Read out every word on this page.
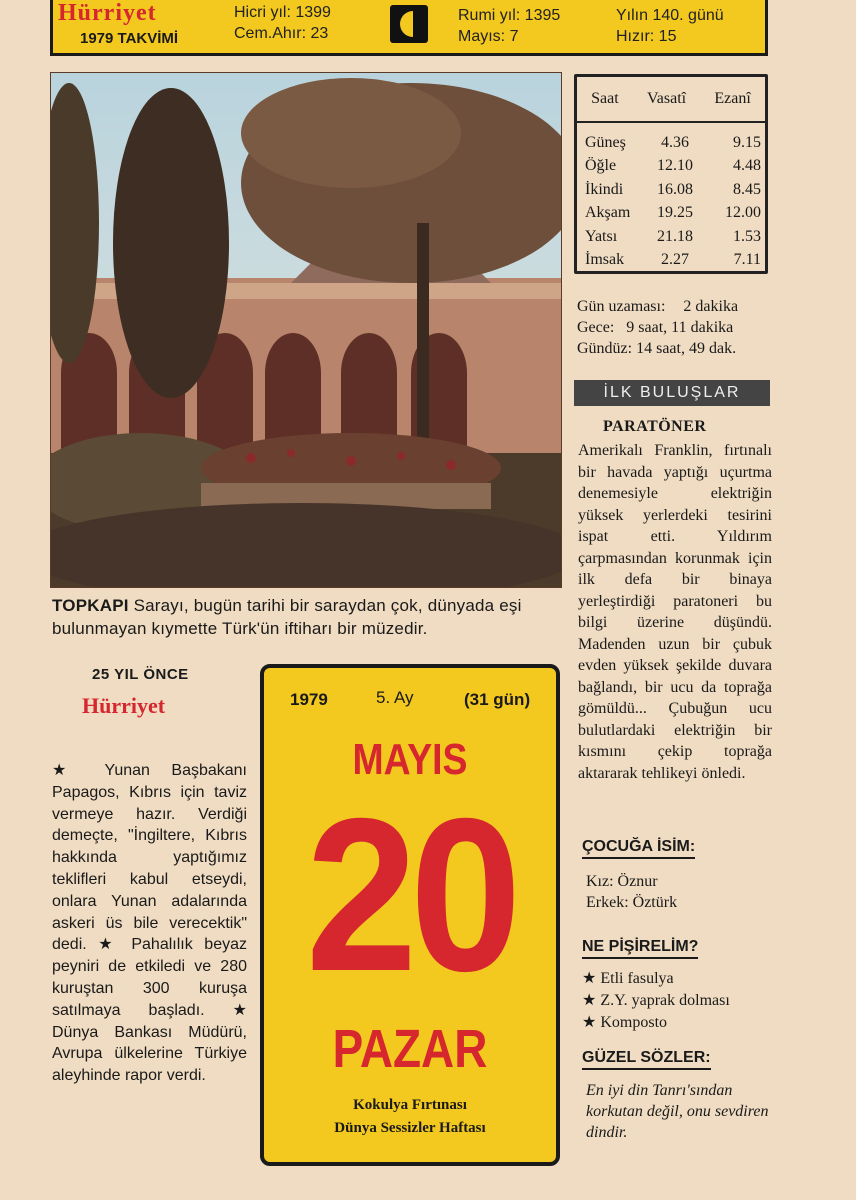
Hürriyet
1979 TAKVİMİ
Hicri yıl: 1399
Cem.Ahır: 23
Rumi yıl: 1395
Mayıs: 7
Yılın 140. günü
Hızır: 15
TOPKAPI Sarayı, bugün tarihi bir saraydan çok, dünyada eşi bulunmayan kıymette Türk'ün iftiharı bir müzedir.
Saat Vasatî Ezanî
Güneş	4.36	9.15
Öğle	12.10	4.48
İkindi	16.08	8.45
Akşam	19.25	12.00
Yatsı	21.18	1.53
İmsak	2.27	7.11
Gün uzaması: 2 dakika
Gece:   9 saat, 11 dakika
Gündüz: 14 saat, 49 dak.
İLK BULUŞLAR
PARATÖNER
Amerikalı Franklin, fırtınalı bir havada yaptığı uçurtma denemesiyle elektriğin yüksek yerlerdeki tesirini ispat etti. Yıldırım çarpmasından korunmak için ilk defa bir binaya yerleştirdiği paratoneri bu bilgi üzerine düşündü. Madenden uzun bir çubuk evden yüksek şekilde duvara bağlandı, bir ucu da toprağa gömüldü... Çubuğun ucu bulutlardaki elektriğin bir kısmını çekip toprağa aktararak tehlikeyi önledi.
ÇOCUĞA İSİM:
Kız: Öznur
Erkek: Öztürk
NE PİŞİRELİM?
★ Etli fasulya
★ Z.Y. yaprak dolması
★ Komposto
GÜZEL SÖZLER:
En iyi din Tanrı'sından korkutan değil, onu sevdiren dindir.
25 YIL ÖNCE
Hürriyet
★ Yunan Başbakanı Papagos, Kıbrıs için taviz vermeye hazır. Verdiği demeçte, "İngiltere, Kıbrıs hakkında yaptığımız teklifleri kabul etseydi, onlara Yunan adalarında askeri üs bile verecektik" dedi. ★ Pahalılık beyaz peyniri de etkiledi ve 280 kuruştan 300 kuruşa satılmaya başladı. ★ Dünya Bankası Müdürü, Avrupa ülkelerine Türkiye aleyhinde rapor verdi.
1979	5. Ay	(31 gün)
MAYIS
20
PAZAR
Kokulya Fırtınası
Dünya Sessizler Haftası
